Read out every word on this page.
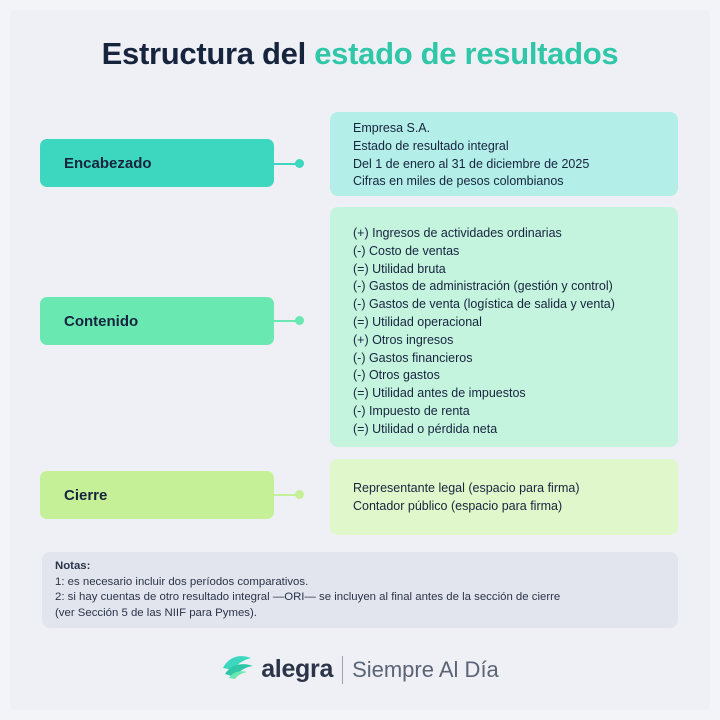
Estructura del estado de resultados
Encabezado
Empresa S.A.
Estado de resultado integral
Del 1 de enero al 31 de diciembre de 2025
Cifras en miles de pesos colombianos
Contenido
(+) Ingresos de actividades ordinarias
(-) Costo de ventas
(=) Utilidad bruta
(-) Gastos de administración (gestión y control)
(-) Gastos de venta (logística de salida y venta)
(=) Utilidad operacional
(+) Otros ingresos
(-) Gastos financieros
(-) Otros gastos
(=) Utilidad antes de impuestos
(-) Impuesto de renta
(=) Utilidad o pérdida neta
Cierre	Representante legal (espacio para firma)
Contador público (espacio para firma)
Notas:
1: es necesario incluir dos períodos comparativos.
2: si hay cuentas de otro resultado integral —ORI— se incluyen al final antes de la sección de cierre
(ver Sección 5 de las NIIF para Pymes).
alegra Siempre Al Día
